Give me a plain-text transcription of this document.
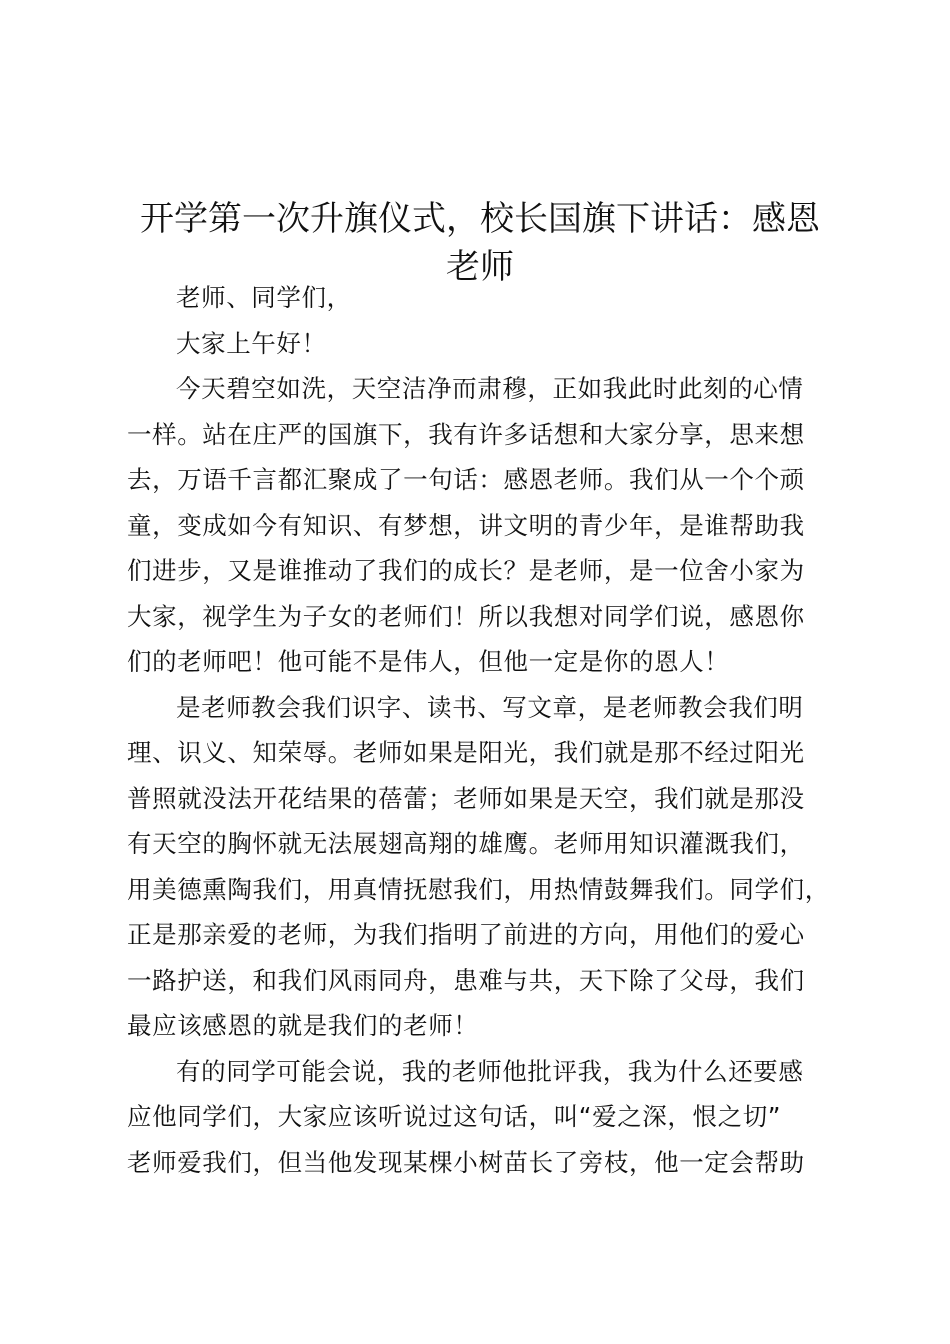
开学第一次升旗仪式，校长国旗下讲话：感恩
老师
老师、同学们，
大家上午好！
今天碧空如洗，天空洁净而肃穆，正如我此时此刻的心情
一样。站在庄严的国旗下，我有许多话想和大家分享，思来想
去，万语千言都汇聚成了一句话：感恩老师。我们从一个个顽
童，变成如今有知识、有梦想，讲文明的青少年，是谁帮助我
们进步，又是谁推动了我们的成长？是老师，是一位舍小家为
大家，视学生为子女的老师们！所以我想对同学们说，感恩你
们的老师吧！他可能不是伟人，但他一定是你的恩人！
是老师教会我们识字、读书、写文章，是老师教会我们明
理、识义、知荣辱。老师如果是阳光，我们就是那不经过阳光
普照就没法开花结果的蓓蕾；老师如果是天空，我们就是那没
有天空的胸怀就无法展翅高翔的雄鹰。老师用知识灌溉我们，
用美德熏陶我们，用真情抚慰我们，用热情鼓舞我们。同学们，
正是那亲爱的老师，为我们指明了前进的方向，用他们的爱心
一路护送，和我们风雨同舟，患难与共，天下除了父母，我们
最应该感恩的就是我们的老师！
有的同学可能会说，我的老师他批评我，我为什么还要感
应他同学们，大家应该听说过这句话，叫“爱之深，恨之切”
老师爱我们，但当他发现某棵小树苗长了旁枝，他一定会帮助
